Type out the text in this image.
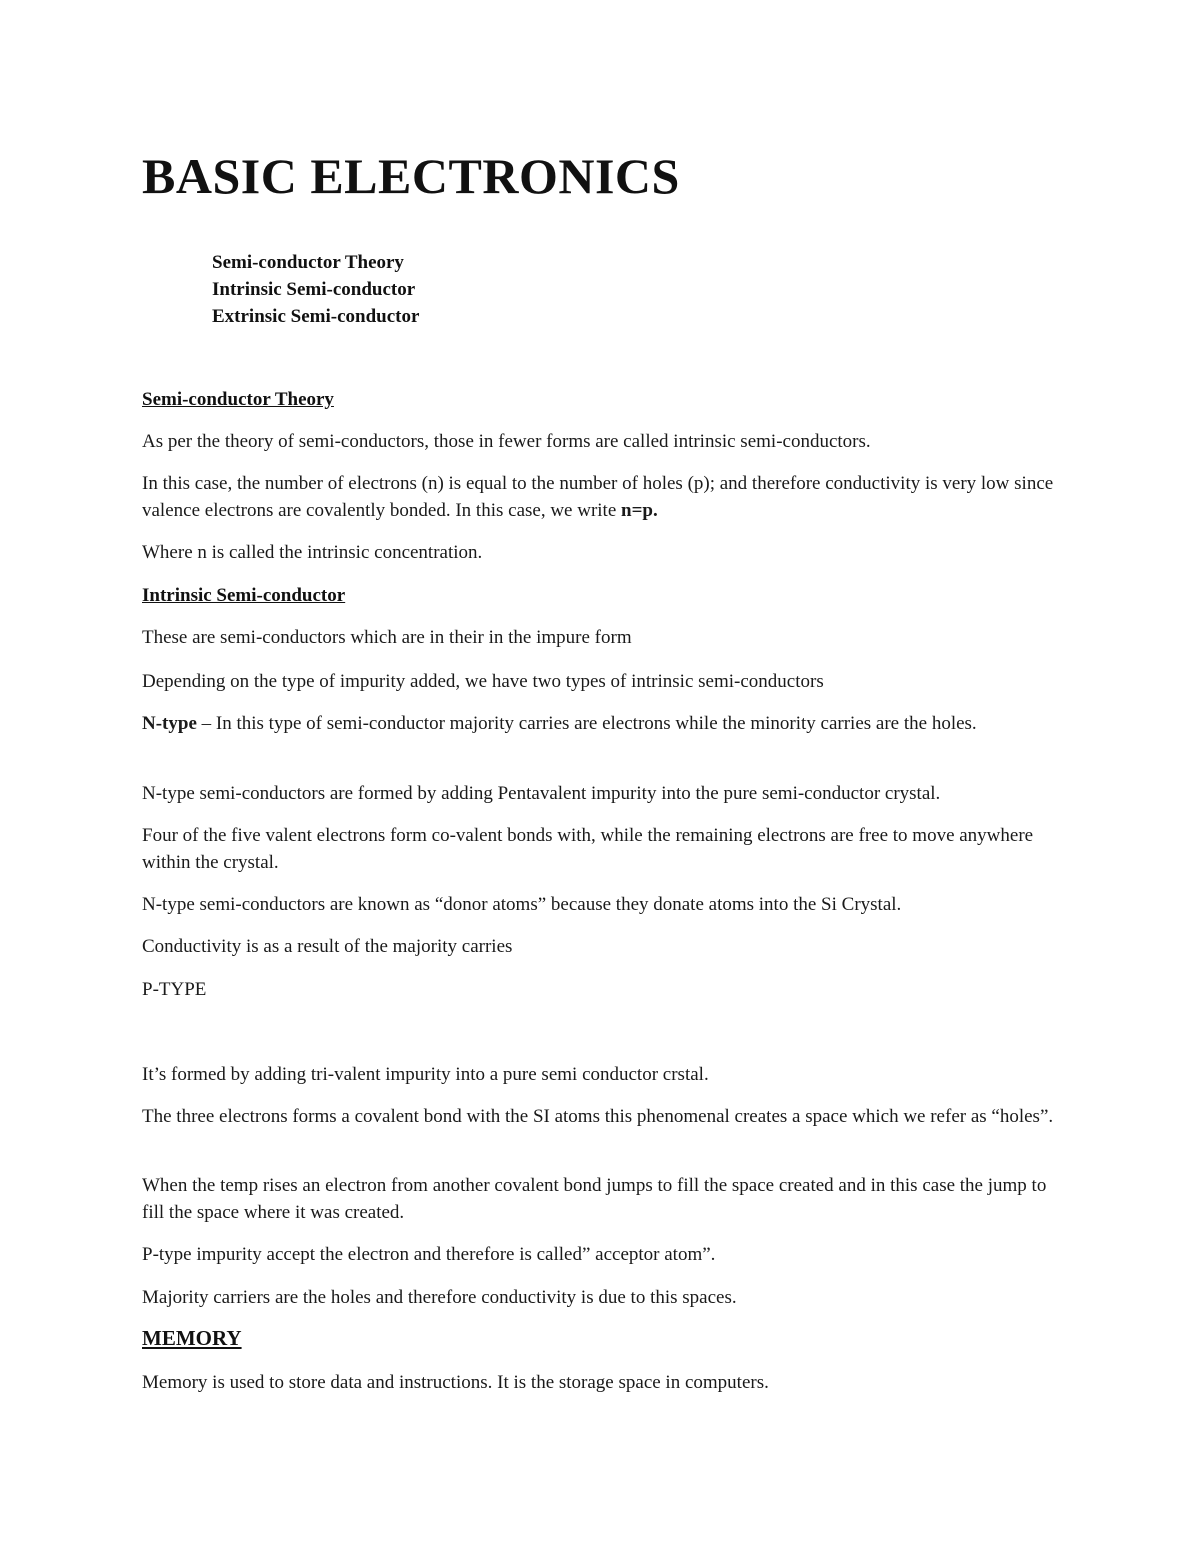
BASIC ELECTRONICS
Semi-conductor Theory
Intrinsic Semi-conductor
Extrinsic Semi-conductor

Semi-conductor Theory

As per the theory of semi-conductors, those in fewer forms are called intrinsic semi-conductors.

In this case, the number of electrons (n) is equal to the number of holes (p); and therefore conductivity is very low since valence electrons are covalently bonded. In this case, we write n=p.

Where n is called the intrinsic concentration.

Intrinsic Semi-conductor

These are semi-conductors which are in their in the impure form

Depending on the type of impurity added, we have two types of intrinsic semi-conductors

N-type – In this type of semi-conductor majority carries are electrons while the minority carries are the holes.

N-type semi-conductors are formed by adding Pentavalent impurity into the pure semi-conductor crystal.

Four of the five valent electrons form co-valent bonds with, while the remaining electrons are free to move anywhere within the crystal.

N-type semi-conductors are known as “donor atoms” because they donate atoms into the Si Crystal.

Conductivity is as a result of the majority carries

P-TYPE

It’s formed by adding tri-valent impurity into a pure semi conductor crstal.

The three electrons forms a covalent bond with the SI atoms this phenomenal creates a space which we refer as “holes”.

When the temp rises an electron from another covalent bond jumps to fill the space created and in this case the jump to fill the space where it was created.

P-type impurity accept the electron and therefore is called” acceptor atom”.

Majority carriers are the holes and therefore conductivity is due to this spaces.

MEMORY

Memory is used to store data and instructions. It is the storage space in computers.
